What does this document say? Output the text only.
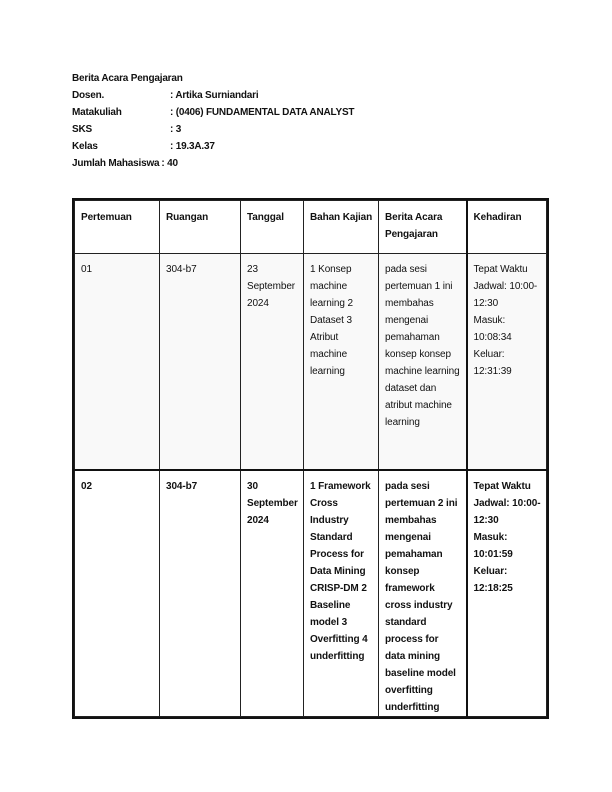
Berita Acara Pengajaran
Dosen.	: Artika Surniandari
Matakuliah	: (0406) FUNDAMENTAL DATA ANALYST
SKS	: 3
Kelas	: 19.3A.37
Jumlah Mahasiswa : 40
Pertemuan	Ruangan	Tanggal	Bahan Kajian	Berita Acara Pengajaran	Kehadiran
01	304-b7	23 September 2024	1 Konsep machine learning 2 Dataset 3 Atribut machine learning	pada sesi pertemuan 1 ini membahas mengenai pemahaman konsep konsep machine learning dataset dan atribut machine learning	Tepat Waktu
Jadwal: 10:00-12:30
Masuk: 10:08:34
Keluar: 12:31:39

02	304-b7	30 September 2024	1 Framework Cross Industry Standard Process for Data Mining CRISP-DM 2 Baseline model 3 Overfitting 4 underfitting	pada sesi pertemuan 2 ini membahas mengenai pemahaman konsep framework cross industry standard process for data mining baseline model overfitting underfitting	Tepat Waktu
Jadwal: 10:00-12:30
Masuk: 10:01:59
Keluar: 12:18:25
